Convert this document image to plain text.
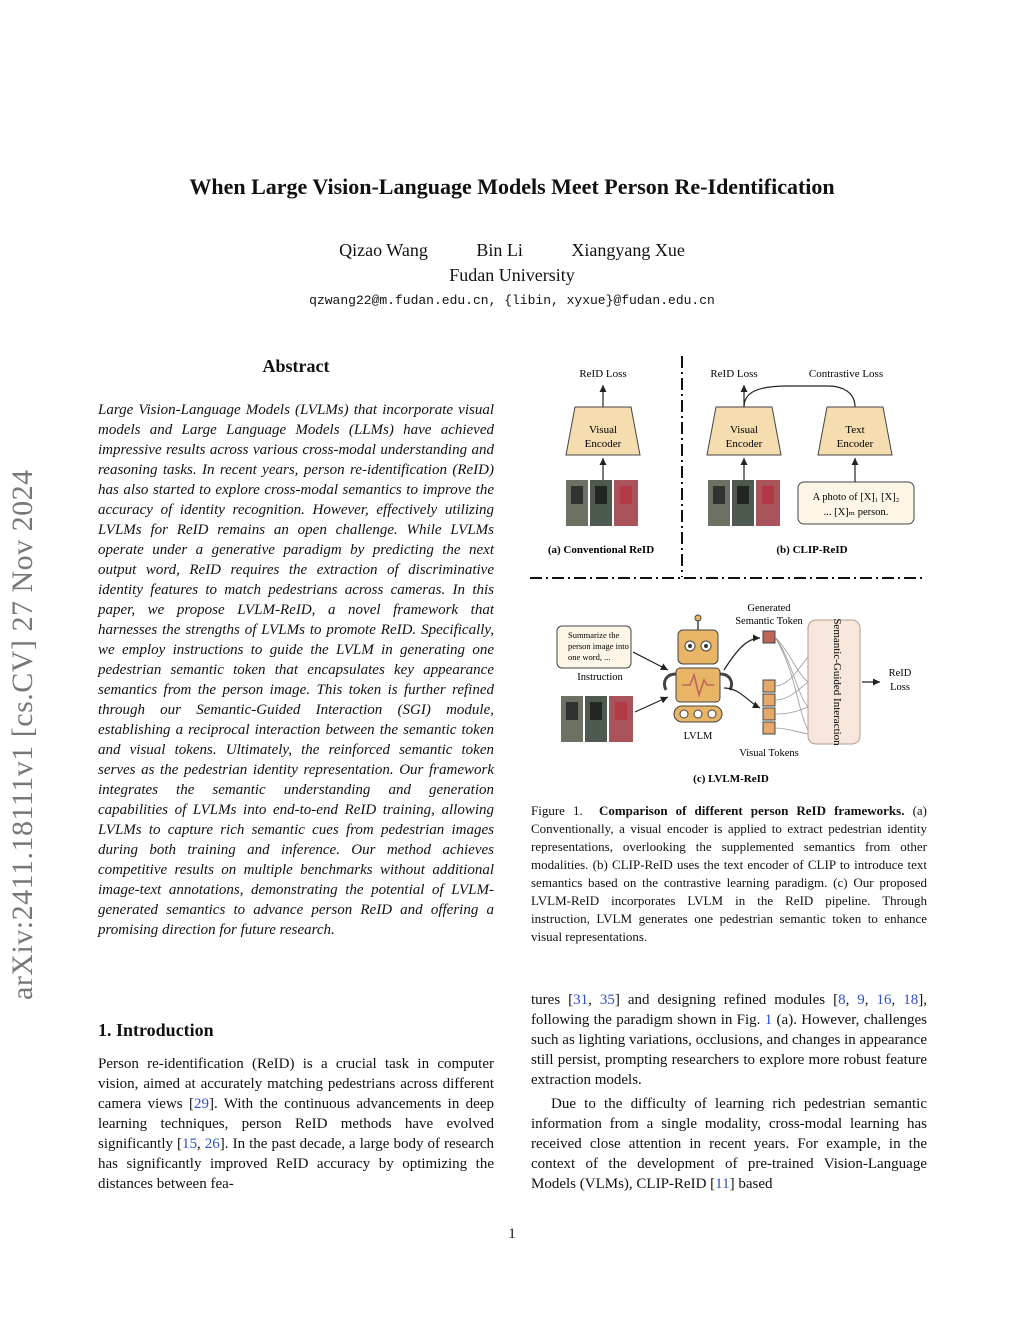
When Large Vision-Language Models Meet Person Re-Identification
Qizao Wang	Bin Li	Xiangyang Xue
Fudan University
qzwang22@m.fudan.edu.cn, {libin, xyxue}@fudan.edu.cn
arXiv:2411.18111v1 [cs.CV] 27 Nov 2024
Abstract
Large Vision-Language Models (LVLMs) that incorporate visual models and Large Language Models (LLMs) have achieved impressive results across various cross-modal understanding and reasoning tasks. In recent years, person re-identification (ReID) has also started to explore cross-modal semantics to improve the accuracy of identity recognition. However, effectively utilizing LVLMs for ReID remains an open challenge. While LVLMs operate under a generative paradigm by predicting the next output word, ReID requires the extraction of discriminative identity features to match pedestrians across cameras. In this paper, we propose LVLM-ReID, a novel framework that harnesses the strengths of LVLMs to promote ReID. Specifically, we employ instructions to guide the LVLM in generating one pedestrian semantic token that encapsulates key appearance semantics from the person image. This token is further refined through our Semantic-Guided Interaction (SGI) module, establishing a reciprocal interaction between the semantic token and visual tokens. Ultimately, the reinforced semantic token serves as the pedestrian identity representation. Our framework integrates the semantic understanding and generation capabilities of LVLMs into end-to-end ReID training, allowing LVLMs to capture rich semantic cues from pedestrian images during both training and inference. Our method achieves competitive results on multiple benchmarks without additional image-text annotations, demonstrating the potential of LVLM-generated semantics to advance person ReID and offering a promising direction for future research.
1. Introduction
Person re-identification (ReID) is a crucial task in computer vision, aimed at accurately matching pedestrians across different camera views [29]. With the continuous advancements in deep learning techniques, person ReID methods have evolved significantly [15, 26]. In the past decade, a large body of research has significantly improved ReID accuracy by optimizing the distances between fea-

tures [31, 35] and designing refined modules [8, 9, 16, 18], following the paradigm shown in Fig. 1 (a). However, challenges such as lighting variations, occlusions, and changes in appearance still persist, prompting researchers to explore more robust feature extraction models.

Due to the difficulty of learning rich pedestrian semantic information from a single modality, cross-modal learning has received close attention in recent years. For example, in the context of the development of pre-trained Vision-Language Models (VLMs), CLIP-ReID [11] based

ReID Loss
Visual
Encoder
(a) Conventional ReID
ReID Loss	Contrastive Loss
Visual
Encoder
Text
Encoder
A photo of [X]₁ [X]₂
... [X]ₘ person.
(b) CLIP-ReID
Generated
Semantic Token
Summarize the
person image into
one word, ...
Instruction
LVLM
Visual Tokens
Semantic-Guided Interaction	ReID
Loss
(c) LVLM-ReID
Figure 1. Comparison of different person ReID frameworks. (a) Conventionally, a visual encoder is applied to extract pedestrian identity representations, overlooking the supplemented semantics from other modalities. (b) CLIP-ReID uses the text encoder of CLIP to introduce text semantics based on the contrastive learning paradigm. (c) Our proposed LVLM-ReID incorporates LVLM in the ReID pipeline. Through instruction, LVLM generates one pedestrian semantic token to enhance visual representations.
1
